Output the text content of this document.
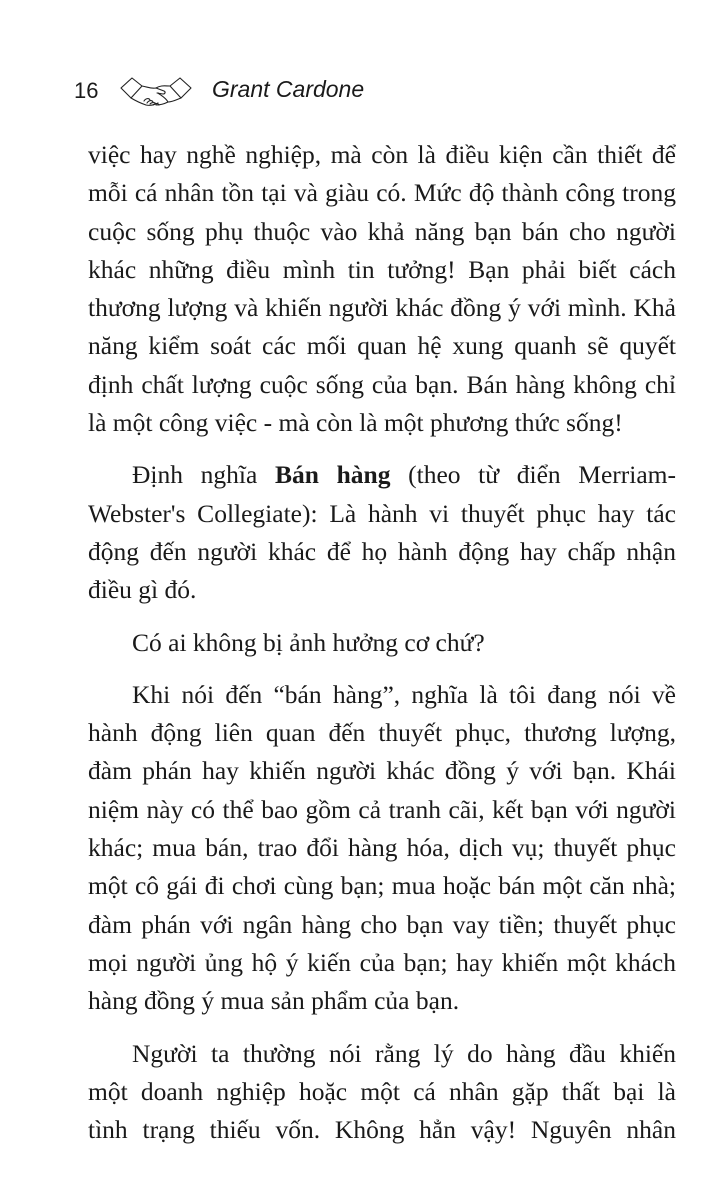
16	Grant Cardone

việc hay nghề nghiệp, mà còn là điều kiện cần thiết để
mỗi cá nhân tồn tại và giàu có. Mức độ thành công trong
cuộc sống phụ thuộc vào khả năng bạn bán cho người
khác những điều mình tin tưởng! Bạn phải biết cách
thương lượng và khiến người khác đồng ý với mình. Khả
năng kiểm soát các mối quan hệ xung quanh sẽ quyết
định chất lượng cuộc sống của bạn. Bán hàng không chỉ
là một công việc - mà còn là một phương thức sống!

Định nghĩa Bán hàng (theo từ điển Merriam-
Webster's Collegiate): Là hành vi thuyết phục hay tác
động đến người khác để họ hành động hay chấp nhận
điều gì đó.

Có ai không bị ảnh hưởng cơ chứ?

Khi nói đến “bán hàng”, nghĩa là tôi đang nói về
hành động liên quan đến thuyết phục, thương lượng,
đàm phán hay khiến người khác đồng ý với bạn. Khái
niệm này có thể bao gồm cả tranh cãi, kết bạn với người
khác; mua bán, trao đổi hàng hóa, dịch vụ; thuyết phục
một cô gái đi chơi cùng bạn; mua hoặc bán một căn nhà;
đàm phán với ngân hàng cho bạn vay tiền; thuyết phục
mọi người ủng hộ ý kiến của bạn; hay khiến một khách
hàng đồng ý mua sản phẩm của bạn.

Người ta thường nói rằng lý do hàng đầu khiến
một doanh nghiệp hoặc một cá nhân gặp thất bại là
tình trạng thiếu vốn. Không hẳn vậy! Nguyên nhân
